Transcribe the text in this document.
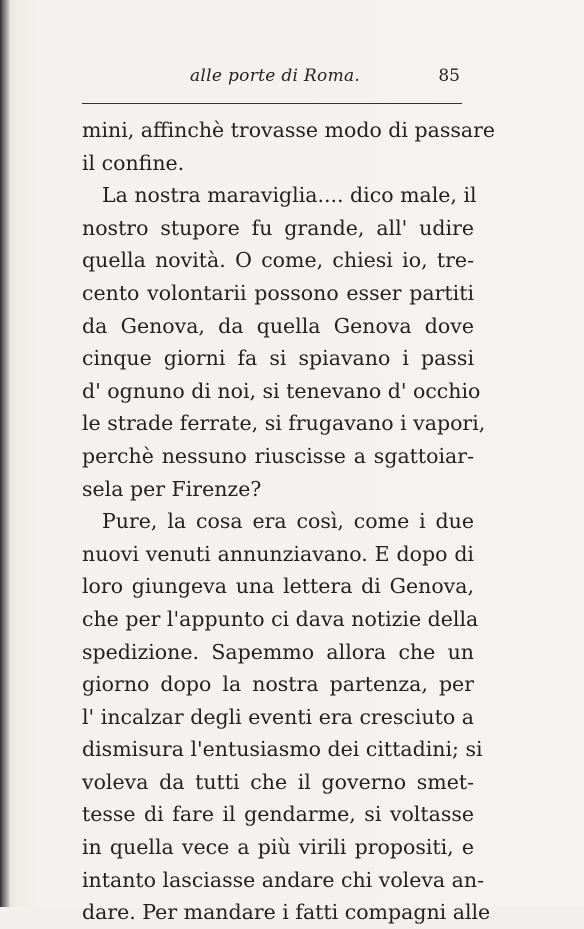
alle porte di Roma.	85
mini, affinchè trovasse modo di passare
il confine.
La nostra maraviglia.... dico male, il
nostro stupore fu grande, all' udire
quella novità. O come, chiesi io, tre-
cento volontarii possono esser partiti
da Genova, da quella Genova dove
cinque giorni fa si spiavano i passi
d' ognuno di noi, si tenevano d' occhio
le strade ferrate, si frugavano i vapori,
perchè nessuno riuscisse a sgattoiar-
sela per Firenze?
Pure, la cosa era così, come i due
nuovi venuti annunziavano. E dopo di
loro giungeva una lettera di Genova,
che per l'appunto ci dava notizie della
spedizione. Sapemmo allora che un
giorno dopo la nostra partenza, per
l' incalzar degli eventi era cresciuto a
dismisura l'entusiasmo dei cittadini; si
voleva da tutti che il governo smet-
tesse di fare il gendarme, si voltasse
in quella vece a più virili propositi, e
intanto lasciasse andare chi voleva an-
dare. Per mandare i fatti compagni alle
